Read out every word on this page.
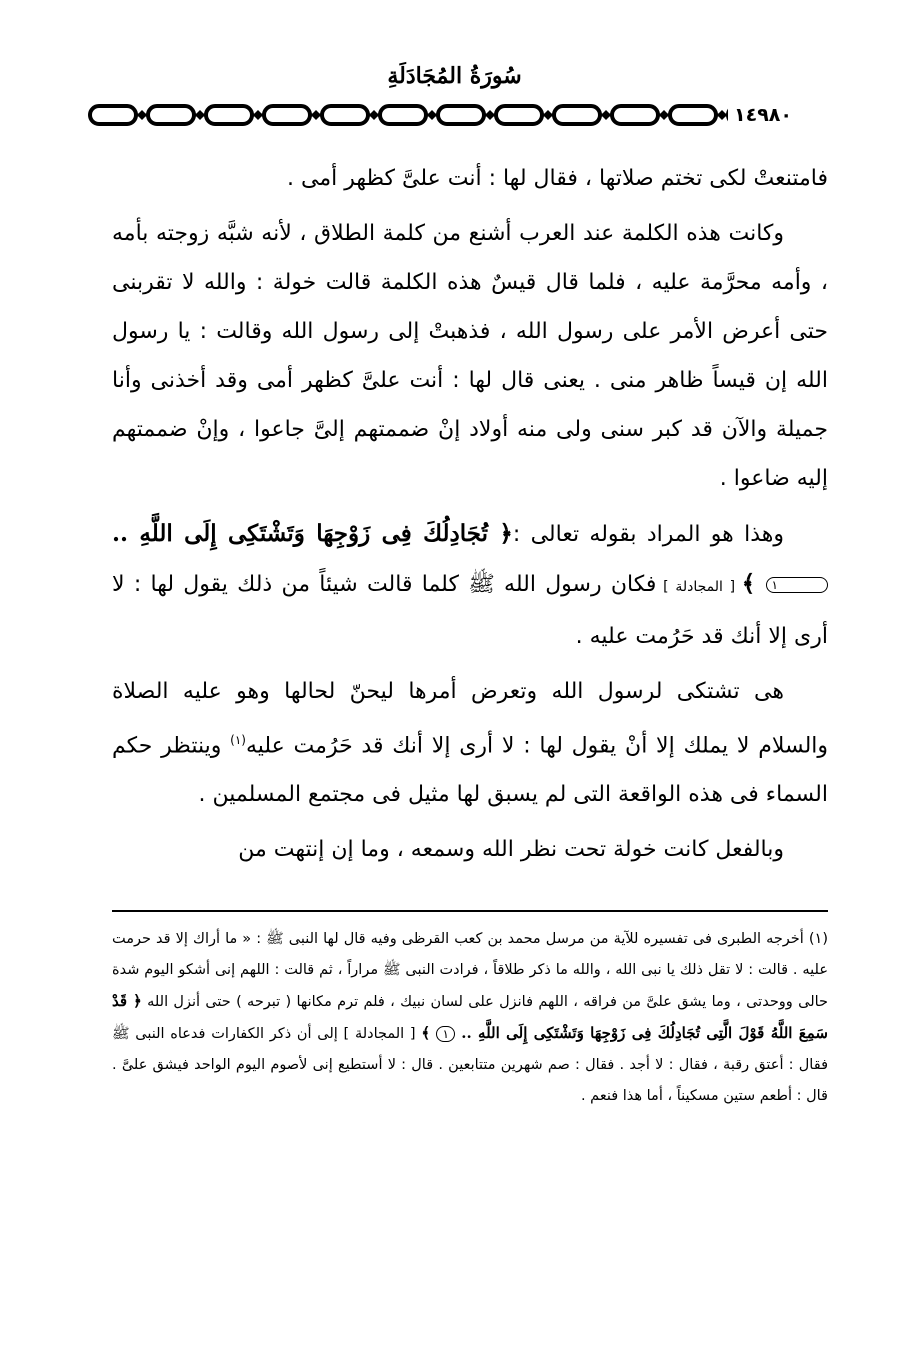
سُورَةُ المُجَادَلَةِ
١٤٩٨٠

فامتنعتْ لكى تختم صلاتها ، فقال لها : أنت علىَّ كظهر أمى .

وكانت هذه الكلمة عند العرب أشنع من كلمة الطلاق ، لأنه شبَّه زوجته بأمه ، وأمه محرَّمة عليه ، فلما قال قيسٌ هذه الكلمة قالت خولة : والله لا تقربنى حتى أعرض الأمر على رسول الله ، فذهبتْ إلى رسول الله وقالت : يا رسول الله إن قيساً ظاهر منى . يعنى قال لها : أنت علىَّ كظهر أمى وقد أخذنى وأنا جميلة والآن قد كبر سنى ولى منه أولاد إنْ ضممتهم إلىَّ جاعوا ، وإنْ ضممتهم إليه ضاعوا .

وهذا هو المراد بقوله تعالى :﴿ تُجَادِلُكَ فِى زَوْجِهَا وَتَشْتَكِى إِلَى اللَّهِ .. ١ ﴾ [ المجادلة ] فكان رسول الله ﷺ كلما قالت شيئاً من ذلك يقول لها : لا أرى إلا أنك قد حَرُمت عليه .

هى تشتكى لرسول الله وتعرض أمرها ليحنّ لحالها وهو عليه الصلاة والسلام لا يملك إلا أنْ يقول لها : لا أرى إلا أنك قد حَرُمت عليه$^{(١)}$ وينتظر حكم السماء فى هذه الواقعة التى لم يسبق لها مثيل فى مجتمع المسلمين .

وبالفعل كانت خولة تحت نظر الله وسمعه ، وما إن إنتهت من

(١) أخرجه الطبرى فى تفسيره للآية من مرسل محمد بن كعب القرظى وفيه قال لها النبى ﷺ : « ما أراك إلا قد حرمت عليه . قالت : لا تقل ذلك يا نبى الله ، والله ما ذكر طلاقاً ، فرادت النبى ﷺ مراراً ، ثم قالت : اللهم إنى أشكو اليوم شدة حالى ووحدتى ، وما يشق علىَّ من فراقه ، اللهم فانزل على لسان نبيك ، فلم ترم مكانها ( تبرحه ) حتى أنزل الله ﴿ قَدْ سَمِعَ اللَّهُ قَوْلَ الَّتِى تُجَادِلُكَ فِى زَوْجِهَا وَتَشْتَكِى إِلَى اللَّهِ .. ١ ﴾ [ المجادلة ] إلى أن ذكر الكفارات فدعاه النبى ﷺ فقال : أعتق رقبة ، فقال : لا أجد . فقال : صم شهرين متتابعين . قال : لا أستطيع إنى لأصوم اليوم الواحد فيشق علىَّ . قال : أطعم ستين مسكيناً ، أما هذا فنعم .
